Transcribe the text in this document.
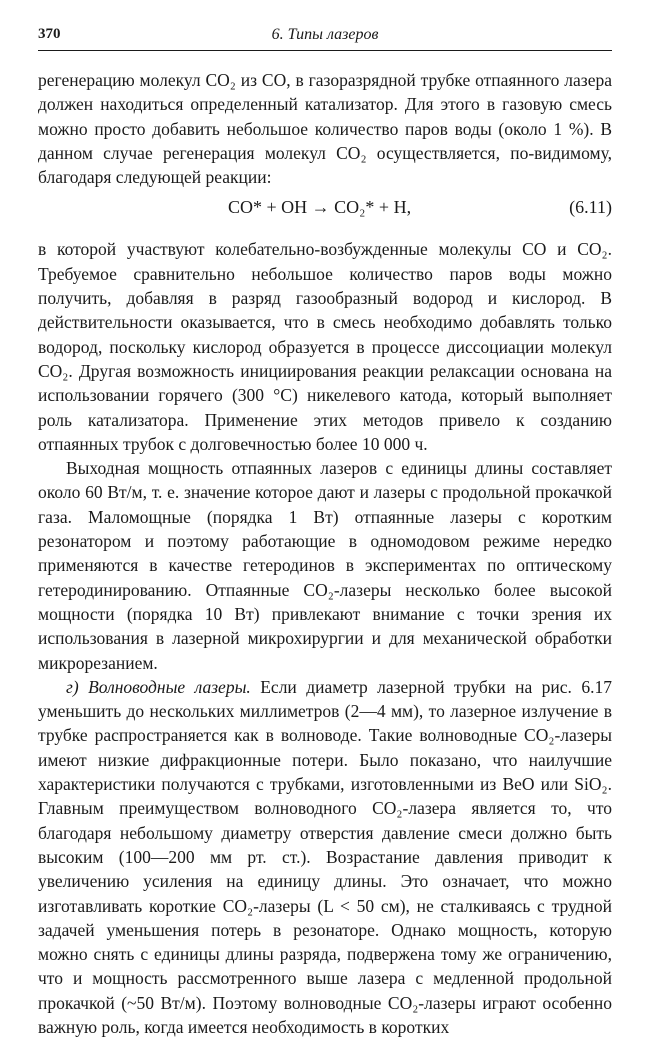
370	6. Типы лазеров

регенерацию молекул CO₂ из CO, в газоразрядной трубке отпаянного лазера должен находиться определенный катализатор. Для этого в газовую смесь можно просто добавить небольшое количество паров воды (около 1 %). В данном случае регенерация молекул CO₂ осуществляется, по-видимому, благодаря следующей реакции:

CO* + OH → CO₂* + H,	(6.11)

в которой участвуют колебательно-возбужденные молекулы CO и CO₂. Требуемое сравнительно небольшое количество паров воды можно получить, добавляя в разряд газообразный водород и кислород. В действительности оказывается, что в смесь необходимо добавлять только водород, поскольку кислород образуется в процессе диссоциации молекул CO₂. Другая возможность инициирования реакции релаксации основана на использовании горячего (300 °C) никелевого катода, который выполняет роль катализатора. Применение этих методов привело к созданию отпаянных трубок с долговечностью более 10 000 ч.

Выходная мощность отпаянных лазеров с единицы длины составляет около 60 Вт/м, т. е. значение которое дают и лазеры с продольной прокачкой газа. Маломощные (порядка 1 Вт) отпаянные лазеры с коротким резонатором и поэтому работающие в одномодовом режиме нередко применяются в качестве гетеродинов в экспериментах по оптическому гетеродинированию. Отпаянные CO₂-лазеры несколько более высокой мощности (порядка 10 Вт) привлекают внимание с точки зрения их использования в лазерной микрохирургии и для механической обработки микрорезанием.

г) Волноводные лазеры. Если диаметр лазерной трубки на рис. 6.17 уменьшить до нескольких миллиметров (2—4 мм), то лазерное излучение в трубке распространяется как в волноводе. Такие волноводные CO₂-лазеры имеют низкие дифракционные потери. Было показано, что наилучшие характеристики получаются с трубками, изготовленными из BeO или SiO₂. Главным преимуществом волноводного CO₂-лазера является то, что благодаря небольшому диаметру отверстия давление смеси должно быть высоким (100—200 мм рт. ст.). Возрастание давления приводит к увеличению усиления на единицу длины. Это означает, что можно изготавливать короткие CO₂-лазеры (L < 50 см), не сталкиваясь с трудной задачей уменьшения потерь в резонаторе. Однако мощность, которую можно снять с единицы длины разряда, подвержена тому же ограничению, что и мощность рассмотренного выше лазера с медленной продольной прокачкой (~50 Вт/м). Поэтому волноводные CO₂-лазеры играют особенно важную роль, когда имеется необходимость в коротких
